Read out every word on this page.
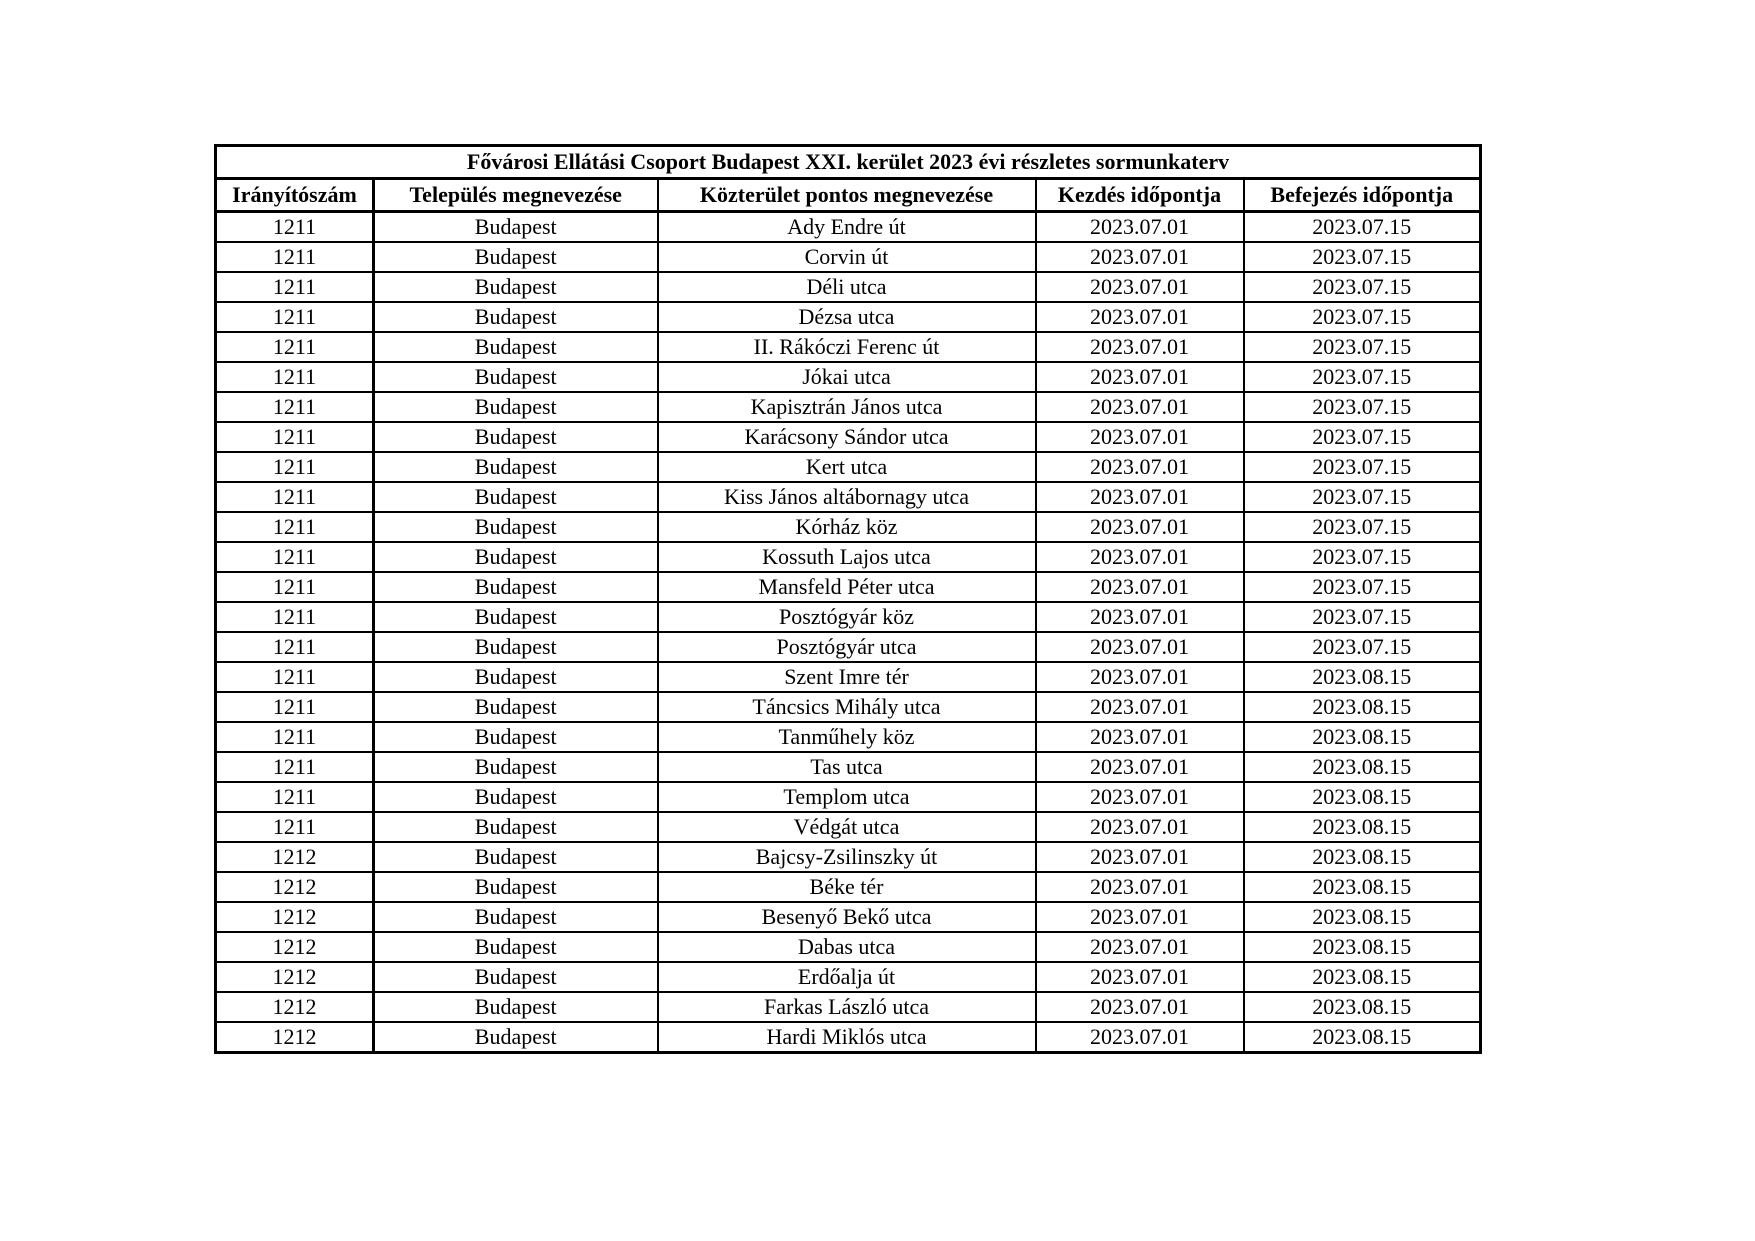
Fővárosi Ellátási Csoport Budapest XXI. kerület 2023 évi részletes sormunkaterv				
Irányítószám	Település megnevezése	Közterület pontos megnevezése	Kezdés időpontja	Befejezés időpontja
1211	Budapest	Ady Endre út	2023.07.01	2023.07.15
1211	Budapest	Corvin út	2023.07.01	2023.07.15
1211	Budapest	Déli utca	2023.07.01	2023.07.15
1211	Budapest	Dézsa utca	2023.07.01	2023.07.15
1211	Budapest	II. Rákóczi Ferenc út	2023.07.01	2023.07.15
1211	Budapest	Jókai utca	2023.07.01	2023.07.15
1211	Budapest	Kapisztrán János utca	2023.07.01	2023.07.15
1211	Budapest	Karácsony Sándor utca	2023.07.01	2023.07.15
1211	Budapest	Kert utca	2023.07.01	2023.07.15
1211	Budapest	Kiss János altábornagy utca	2023.07.01	2023.07.15
1211	Budapest	Kórház köz	2023.07.01	2023.07.15
1211	Budapest	Kossuth Lajos utca	2023.07.01	2023.07.15
1211	Budapest	Mansfeld Péter utca	2023.07.01	2023.07.15
1211	Budapest	Posztógyár köz	2023.07.01	2023.07.15
1211	Budapest	Posztógyár utca	2023.07.01	2023.07.15
1211	Budapest	Szent Imre tér	2023.07.01	2023.08.15
1211	Budapest	Táncsics Mihály utca	2023.07.01	2023.08.15
1211	Budapest	Tanműhely köz	2023.07.01	2023.08.15
1211	Budapest	Tas utca	2023.07.01	2023.08.15
1211	Budapest	Templom utca	2023.07.01	2023.08.15
1211	Budapest	Védgát utca	2023.07.01	2023.08.15
1212	Budapest	Bajcsy-Zsilinszky út	2023.07.01	2023.08.15
1212	Budapest	Béke tér	2023.07.01	2023.08.15
1212	Budapest	Besenyő Bekő utca	2023.07.01	2023.08.15
1212	Budapest	Dabas utca	2023.07.01	2023.08.15
1212	Budapest	Erdőalja út	2023.07.01	2023.08.15
1212	Budapest	Farkas László utca	2023.07.01	2023.08.15
1212	Budapest	Hardi Miklós utca	2023.07.01	2023.08.15
